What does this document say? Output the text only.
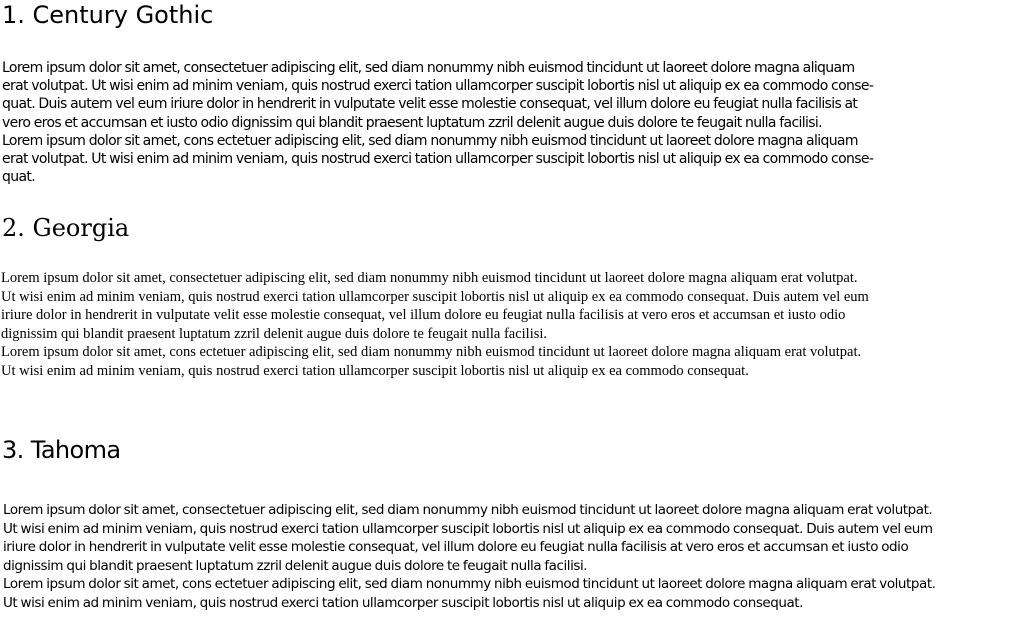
1. Century Gothic

Lorem ipsum dolor sit amet, consectetuer adipiscing elit, sed diam nonummy nibh euismod tincidunt ut laoreet dolore magna aliquam
erat volutpat. Ut wisi enim ad minim veniam, quis nostrud exerci tation ullamcorper suscipit lobortis nisl ut aliquip ex ea commodo conse-
quat. Duis autem vel eum iriure dolor in hendrerit in vulputate velit esse molestie consequat, vel illum dolore eu feugiat nulla facilisis at
vero eros et accumsan et iusto odio dignissim qui blandit praesent luptatum zzril delenit augue duis dolore te feugait nulla facilisi.
Lorem ipsum dolor sit amet, cons ectetuer adipiscing elit, sed diam nonummy nibh euismod tincidunt ut laoreet dolore magna aliquam
erat volutpat. Ut wisi enim ad minim veniam, quis nostrud exerci tation ullamcorper suscipit lobortis nisl ut aliquip ex ea commodo conse-
quat.

2. Georgia

Lorem ipsum dolor sit amet, consectetuer adipiscing elit, sed diam nonummy nibh euismod tincidunt ut laoreet dolore magna aliquam erat volutpat.
Ut wisi enim ad minim veniam, quis nostrud exerci tation ullamcorper suscipit lobortis nisl ut aliquip ex ea commodo consequat. Duis autem vel eum
iriure dolor in hendrerit in vulputate velit esse molestie consequat, vel illum dolore eu feugiat nulla facilisis at vero eros et accumsan et iusto odio
dignissim qui blandit praesent luptatum zzril delenit augue duis dolore te feugait nulla facilisi.
Lorem ipsum dolor sit amet, cons ectetuer adipiscing elit, sed diam nonummy nibh euismod tincidunt ut laoreet dolore magna aliquam erat volutpat.
Ut wisi enim ad minim veniam, quis nostrud exerci tation ullamcorper suscipit lobortis nisl ut aliquip ex ea commodo consequat.

3. Tahoma

Lorem ipsum dolor sit amet, consectetuer adipiscing elit, sed diam nonummy nibh euismod tincidunt ut laoreet dolore magna aliquam erat volutpat.
Ut wisi enim ad minim veniam, quis nostrud exerci tation ullamcorper suscipit lobortis nisl ut aliquip ex ea commodo consequat. Duis autem vel eum
iriure dolor in hendrerit in vulputate velit esse molestie consequat, vel illum dolore eu feugiat nulla facilisis at vero eros et accumsan et iusto odio
dignissim qui blandit praesent luptatum zzril delenit augue duis dolore te feugait nulla facilisi.
Lorem ipsum dolor sit amet, cons ectetuer adipiscing elit, sed diam nonummy nibh euismod tincidunt ut laoreet dolore magna aliquam erat volutpat.
Ut wisi enim ad minim veniam, quis nostrud exerci tation ullamcorper suscipit lobortis nisl ut aliquip ex ea commodo consequat.
